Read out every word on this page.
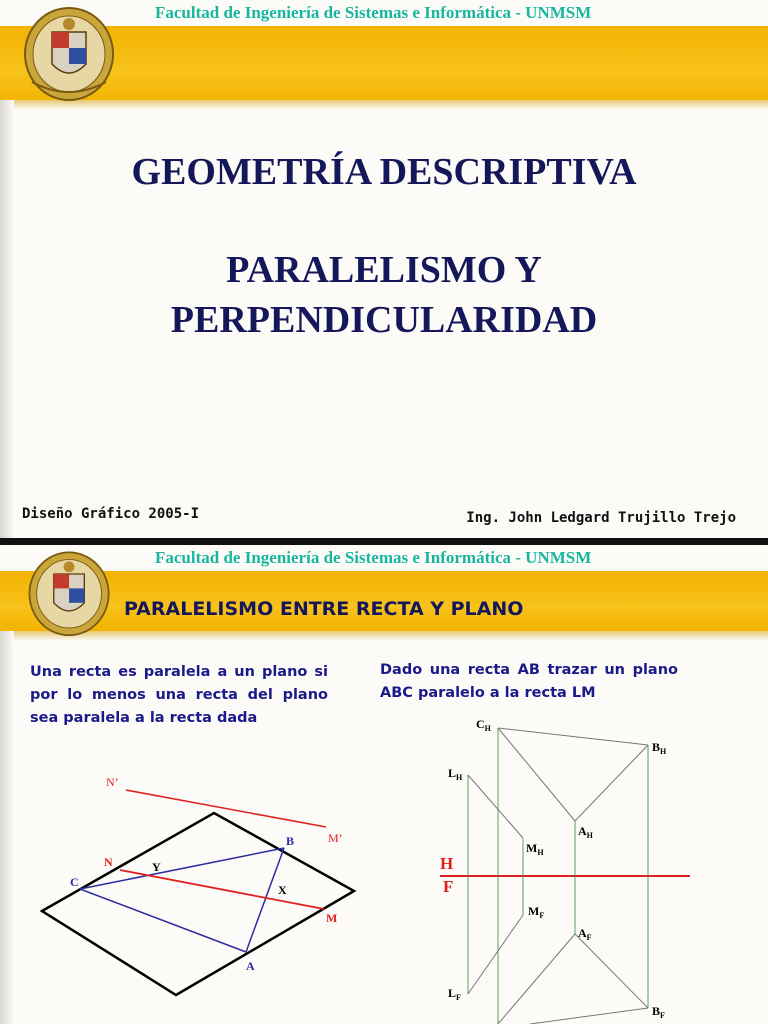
Facultad de Ingeniería de Sistemas e Informática - UNMSM
GEOMETRÍA DESCRIPTIVA
PARALELISMO Y
PERPENDICULARIDAD
Diseño Gráfico 2005-I	Ing. John Ledgard Trujillo Trejo
Facultad de Ingeniería de Sistemas e Informática - UNMSM
PARALELISMO ENTRE RECTA Y PLANO
Una recta es paralela a un plano si por lo menos una recta del plano sea paralela a la recta dada
Dado una recta AB trazar un plano ABC paralelo a la recta LM
N’
M’
N
M
Y
X
A
B
C
$C_H$
$B_H$
$L_H$
$A_H$
$M_H$
H
F
$M_F$
$A_F$
$L_F$
$B_F$
